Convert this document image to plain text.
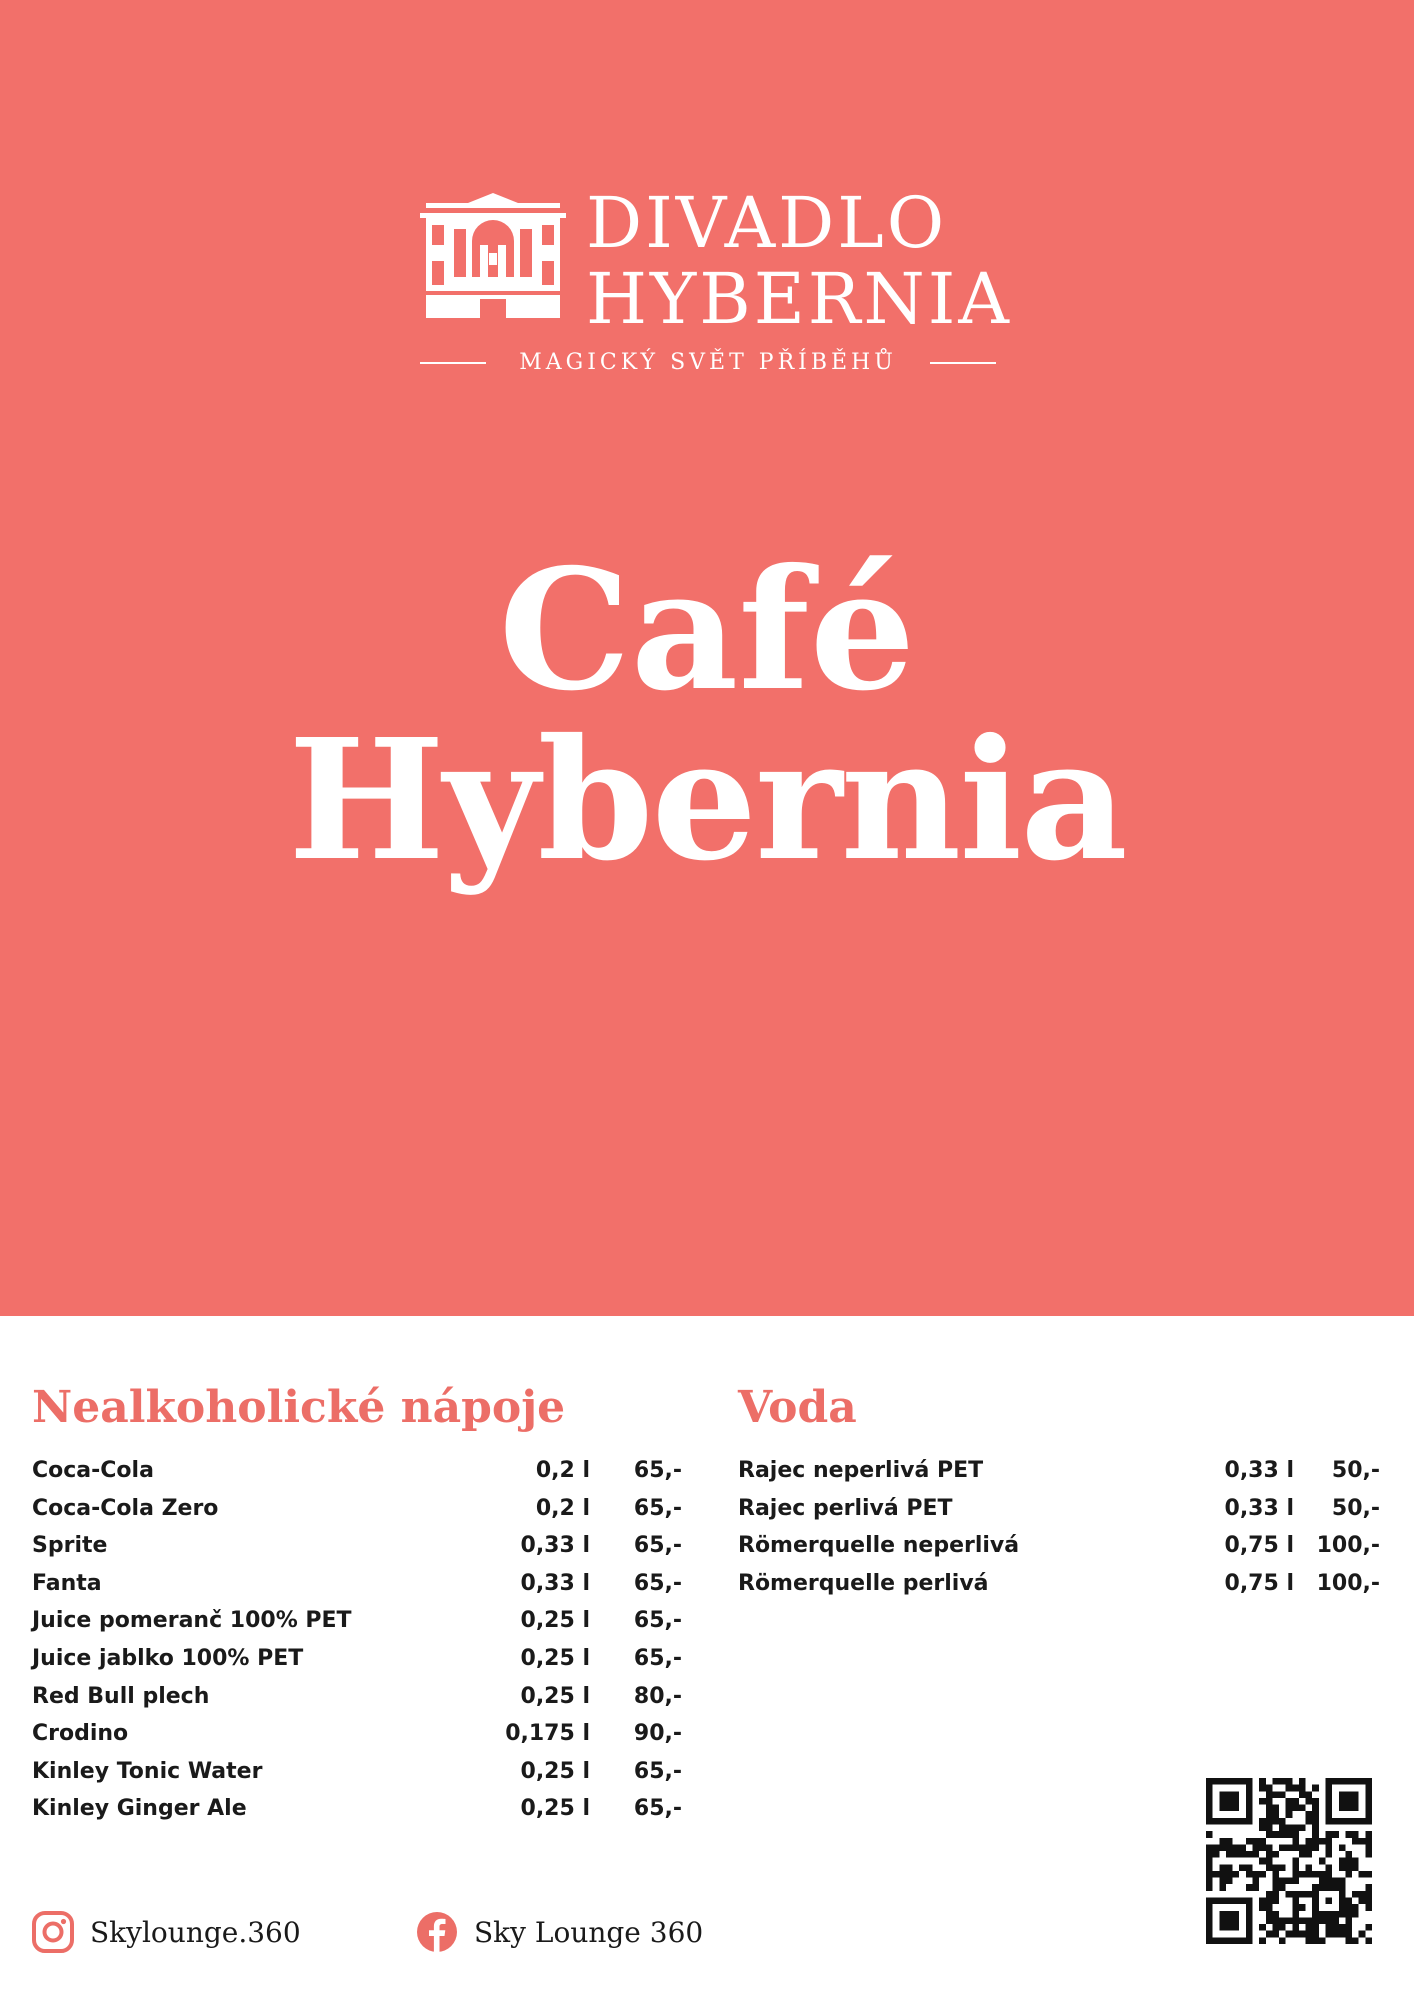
DIVADLO
HYBERNIA
MAGICKÝ SVĚT PŘÍBĚHŮ
Café
Hybernia
Nealkoholické nápoje
Coca-Cola	0,2 l 65,-
Coca-Cola Zero	0,2 l 65,-
Sprite	0,33 l 65,-
Fanta	0,33 l 65,-
Juice pomeranč 100% PET	0,25 l 65,-
Juice jablko 100% PET	0,25 l 65,-
Red Bull plech	0,25 l 80,-
Crodino	0,175 l 90,-
Kinley Tonic Water	0,25 l 65,-
Kinley Ginger Ale	0,25 l 65,-
Voda
Rajec neperlivá PET	0,33 l 50,-
Rajec perlivá PET	0,33 l 50,-
Römerquelle neperlivá	0,75 l 100,-
Römerquelle perlivá	0,75 l 100,-
Skylounge.360	Sky Lounge 360
